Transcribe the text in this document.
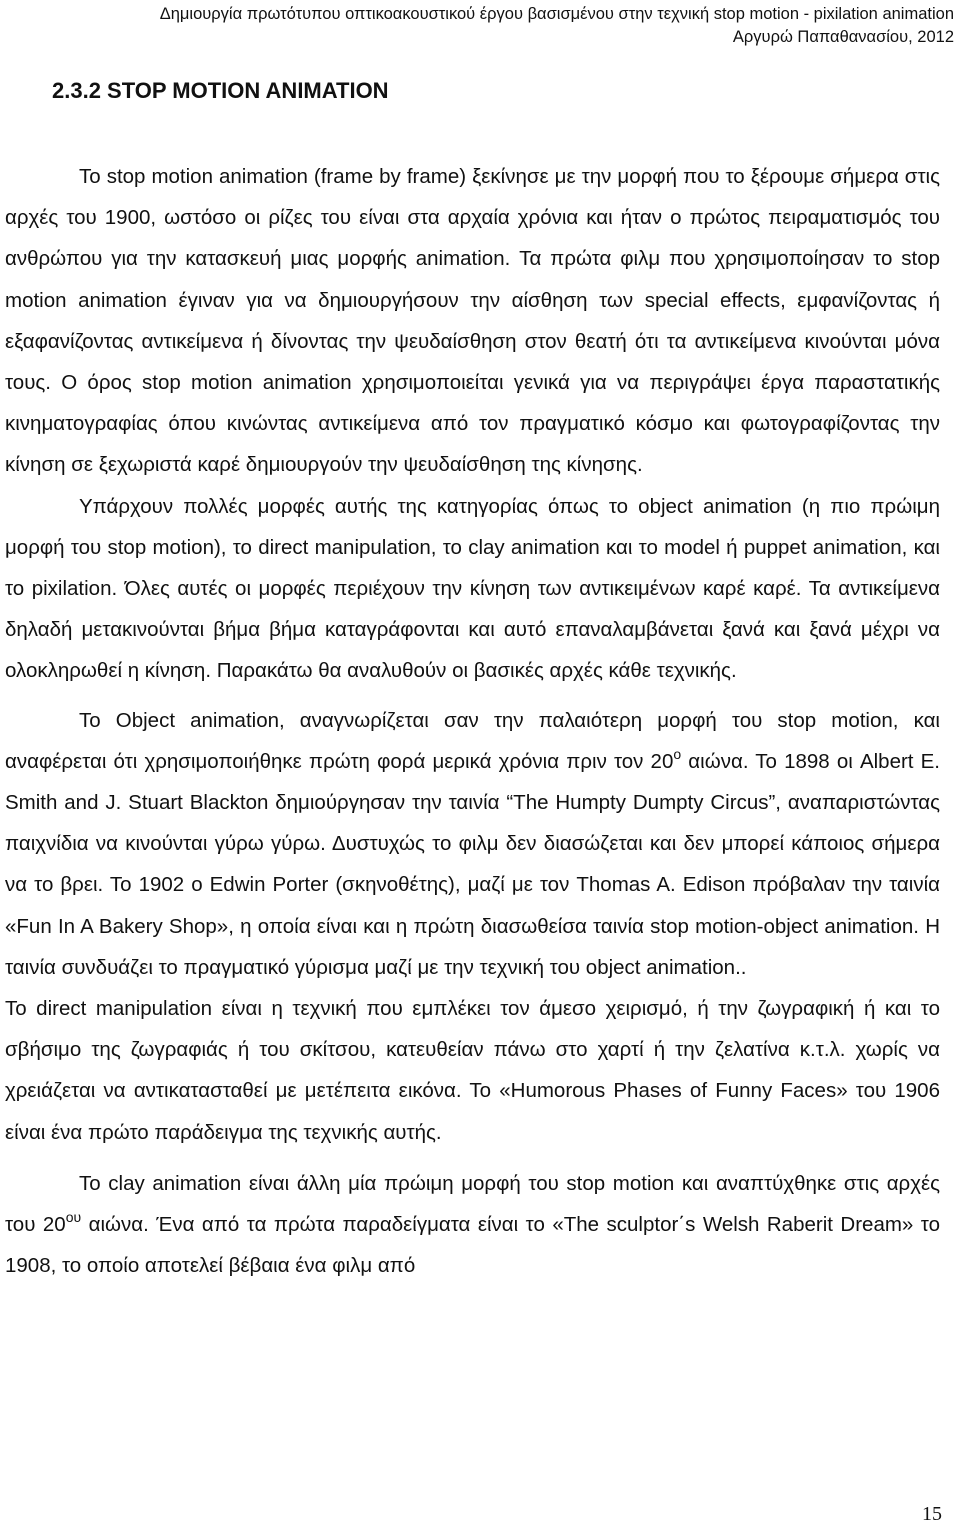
Δημιουργία πρωτότυπου οπτικοακουστικού έργου βασισμένου στην τεχνική stop motion - pixilation animation
Αργυρώ Παπαθανασίου, 2012
2.3.2 STOP MOTION ANIMATION

Το stop motion animation (frame by frame) ξεκίνησε με την μορφή που το ξέρουμε σήμερα στις αρχές του 1900, ωστόσο οι ρίζες του είναι στα αρχαία χρόνια και ήταν ο πρώτος πειραματισμός του ανθρώπου για την κατασκευή μιας μορφής animation. Τα πρώτα φιλμ που χρησιμοποίησαν το stop motion animation έγιναν για να δημιουργήσουν την αίσθηση των special effects, εμφανίζοντας ή εξαφανίζοντας αντικείμενα ή δίνοντας την ψευδαίσθηση στον θεατή ότι τα αντικείμενα κινούνται μόνα τους. Ο όρος stop motion animation χρησιμοποιείται γενικά για να περιγράψει έργα παραστατικής κινηματογραφίας όπου κινώντας αντικείμενα από τον πραγματικό κόσμο και φωτογραφίζοντας την κίνηση σε ξεχωριστά καρέ δημιουργούν την ψευδαίσθηση της κίνησης.

Υπάρχουν πολλές μορφές αυτής της κατηγορίας όπως το object animation (η πιο πρώιμη μορφή του stop motion), το direct manipulation, το clay animation και το model ή puppet animation, και το pixilation. Όλες αυτές οι μορφές περιέχουν την κίνηση των αντικειμένων καρέ καρέ. Τα αντικείμενα δηλαδή μετακινούνται βήμα βήμα καταγράφονται και αυτό επαναλαμβάνεται ξανά και ξανά μέχρι να ολοκληρωθεί η κίνηση. Παρακάτω θα αναλυθούν οι βασικές αρχές κάθε τεχνικής.

Το Object animation, αναγνωρίζεται σαν την παλαιότερη μορφή του stop motion, και αναφέρεται ότι χρησιμοποιήθηκε πρώτη φορά μερικά χρόνια πριν τον $20^o$ αιώνα. Το 1898 οι Albert E. Smith and J. Stuart Blackton δημιούργησαν την ταινία “The Humpty Dumpty Circus”, αναπαριστώντας παιχνίδια να κινούνται γύρω γύρω. Δυστυχώς το φιλμ δεν διασώζεται και δεν μπορεί κάποιος σήμερα να το βρει. Το 1902 ο Edwin Porter (σκηνοθέτης), μαζί με τον Thomas A. Edison πρόβαλαν την ταινία «Fun In A Bakery Shop», η οποία είναι και η πρώτη διασωθείσα ταινία stop motion-object animation. Η ταινία συνδυάζει το πραγματικό γύρισμα μαζί με την τεχνική του object animation..

Το direct manipulation είναι η τεχνική που εμπλέκει τον άμεσο χειρισμό, ή την ζωγραφική ή και το σβήσιμο της ζωγραφιάς ή του σκίτσου, κατευθείαν πάνω στο χαρτί ή την ζελατίνα κ.τ.λ. χωρίς να χρειάζεται να αντικατασταθεί με μετέπειτα εικόνα. Το «Humorous Phases of Funny Faces» του 1906 είναι ένα πρώτο παράδειγμα της τεχνικής αυτής.

Το clay animation είναι άλλη μία πρώιμη μορφή του stop motion και αναπτύχθηκε στις αρχές του $20^{o\upsilon}$ αιώνα. Ένα από τα πρώτα παραδείγματα είναι το «The sculptor΄s Welsh Raberit Dream» το 1908, το οποίο αποτελεί βέβαια ένα φιλμ από

15
